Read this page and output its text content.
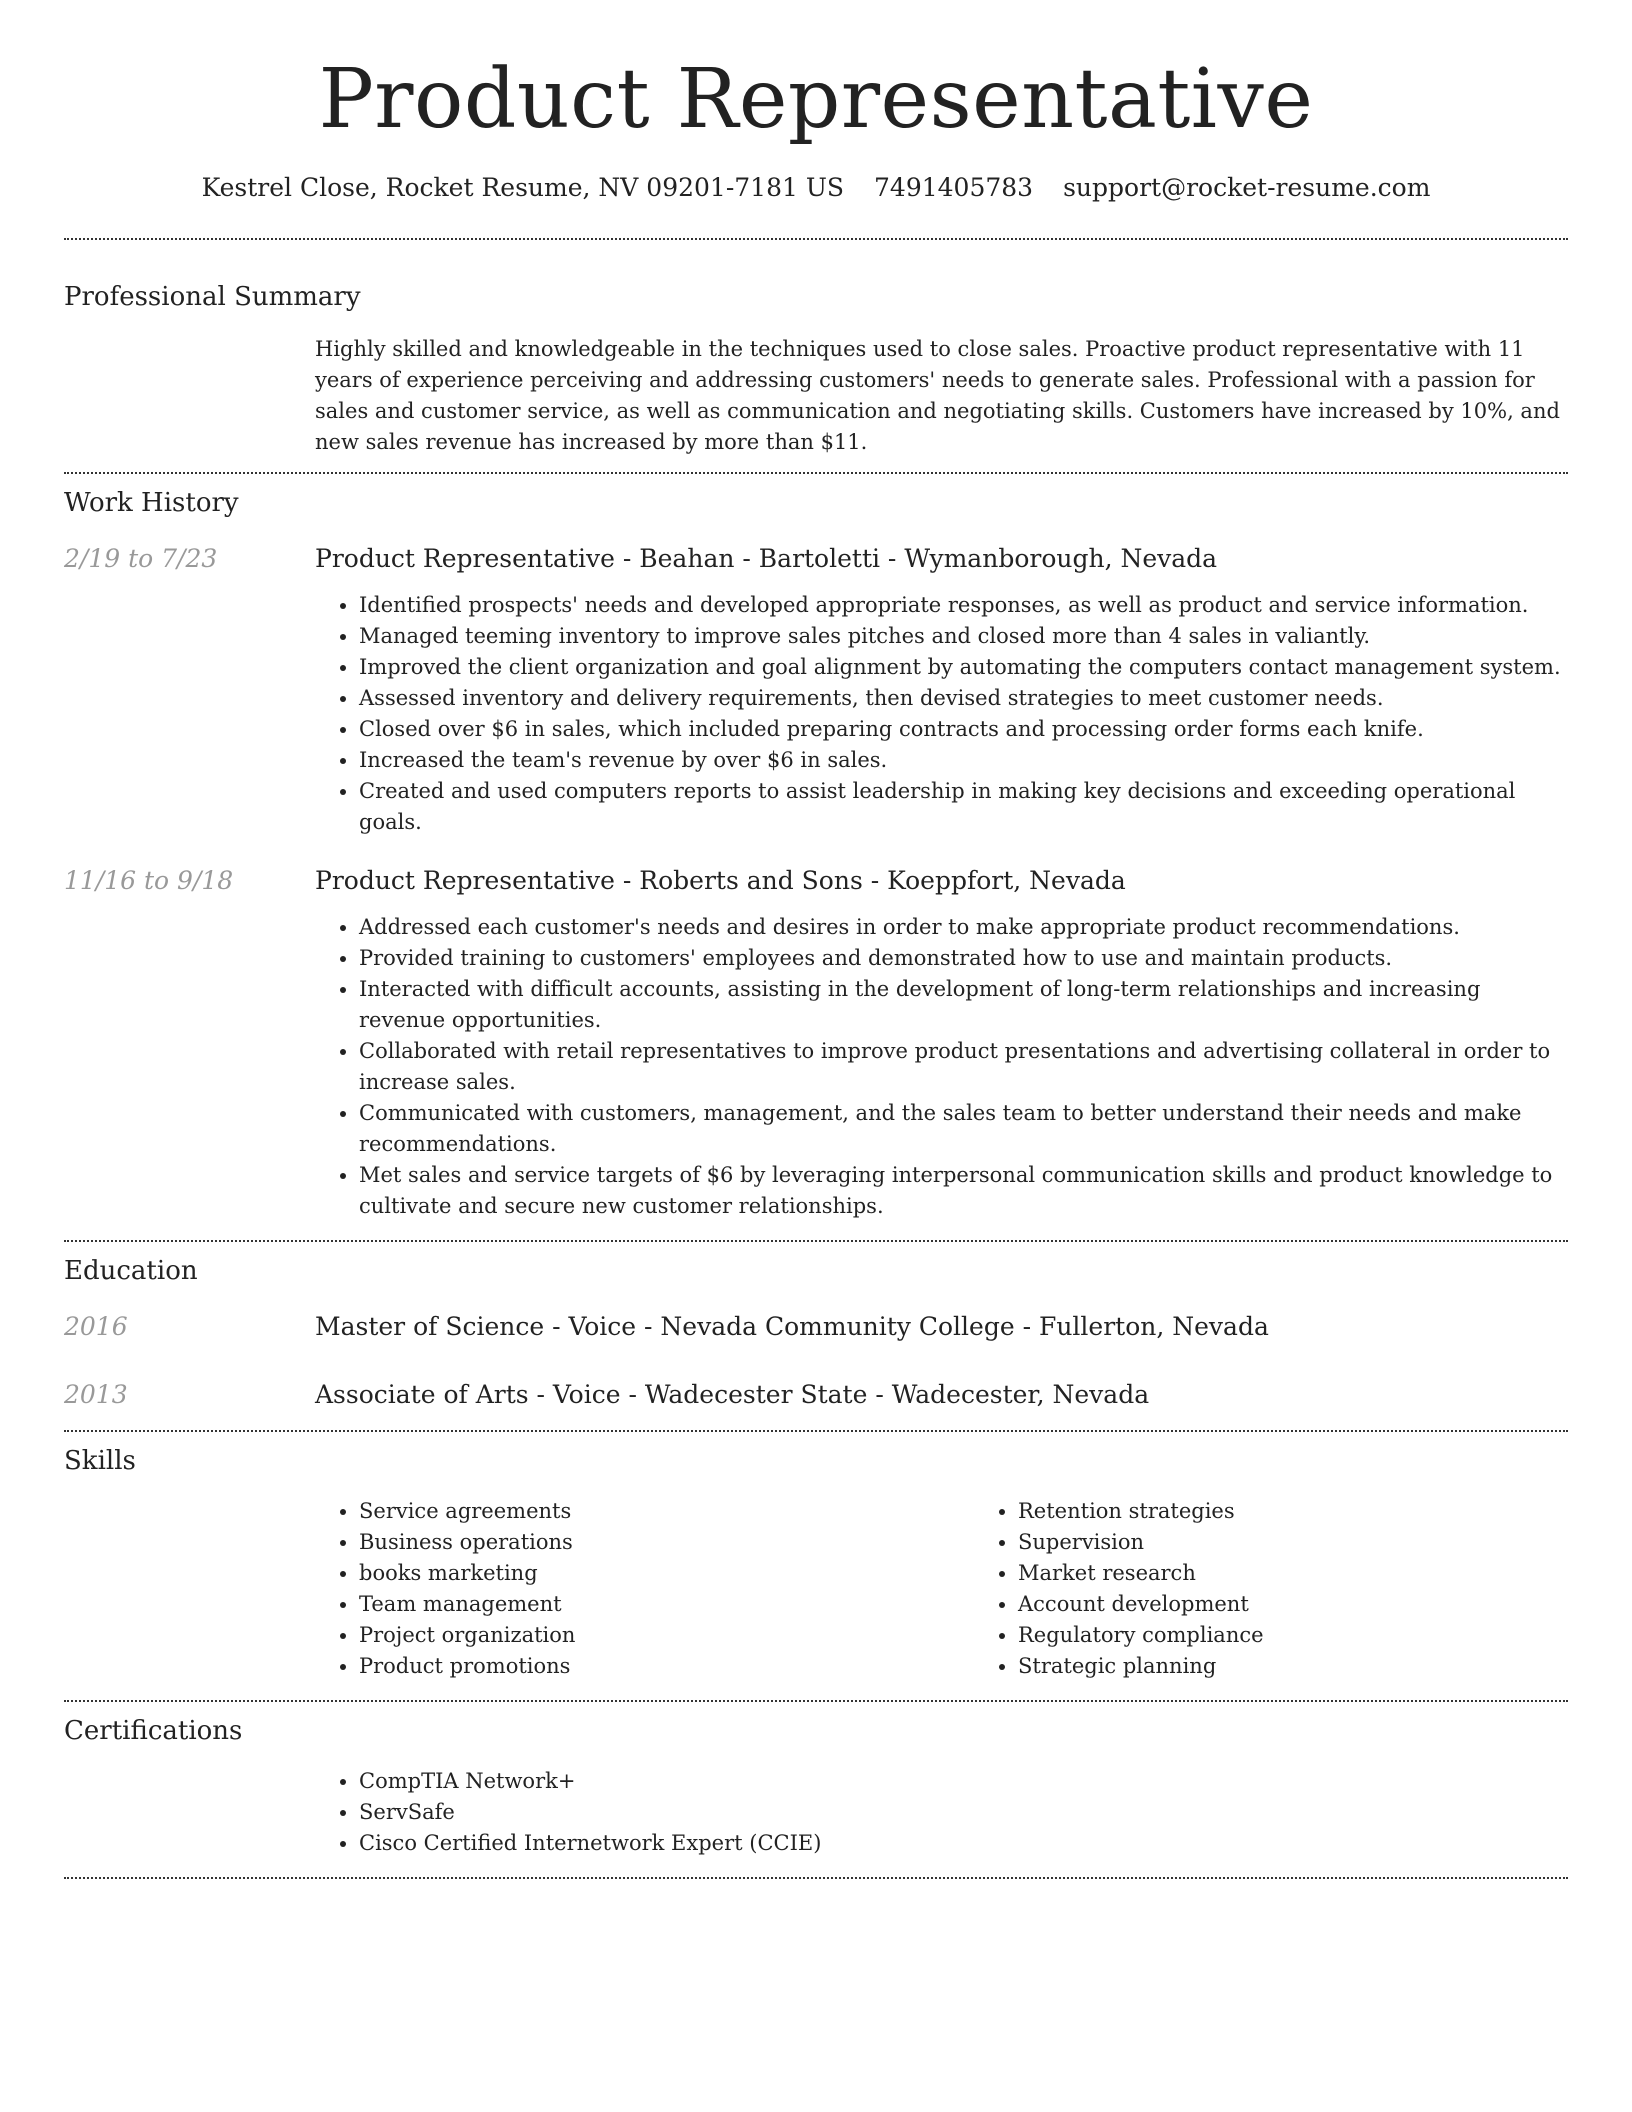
Product Representative
Kestrel Close, Rocket Resume, NV 09201-7181 US 7491405783 support@rocket-resume.com
Professional Summary

Highly skilled and knowledgeable in the techniques used to close sales. Proactive product representative with 11 years of experience perceiving and addressing customers' needs to generate sales. Professional with a passion for sales and customer service, as well as communication and negotiating skills. Customers have increased by 10%, and new sales revenue has increased by more than $11.

Work History
2/19 to 7/23	Product Representative - Beahan - Bartoletti - Wymanborough, Nevada
• Identified prospects' needs and developed appropriate responses, as well as product and service information.
• Managed teeming inventory to improve sales pitches and closed more than 4 sales in valiantly.
• Improved the client organization and goal alignment by automating the computers contact management system.
• Assessed inventory and delivery requirements, then devised strategies to meet customer needs.
• Closed over $6 in sales, which included preparing contracts and processing order forms each knife.
• Increased the team's revenue by over $6 in sales.
• Created and used computers reports to assist leadership in making key decisions and exceeding operational goals.
11/16 to 9/18	Product Representative - Roberts and Sons - Koeppfort, Nevada
• Addressed each customer's needs and desires in order to make appropriate product recommendations.
• Provided training to customers' employees and demonstrated how to use and maintain products.
• Interacted with difficult accounts, assisting in the development of long-term relationships and increasing revenue opportunities.
• Collaborated with retail representatives to improve product presentations and advertising collateral in order to increase sales.
• Communicated with customers, management, and the sales team to better understand their needs and make recommendations.
• Met sales and service targets of $6 by leveraging interpersonal communication skills and product knowledge to cultivate and secure new customer relationships.
Education
2016	Master of Science - Voice - Nevada Community College - Fullerton, Nevada
2013	Associate of Arts - Voice - Wadecester State - Wadecester, Nevada
Skills
• Service agreements
• Business operations
• books marketing
• Team management
• Project organization
• Product promotions
• Retention strategies
• Supervision
• Market research
• Account development
• Regulatory compliance
• Strategic planning
Certifications
• CompTIA Network+
• ServSafe
• Cisco Certified Internetwork Expert (CCIE)
